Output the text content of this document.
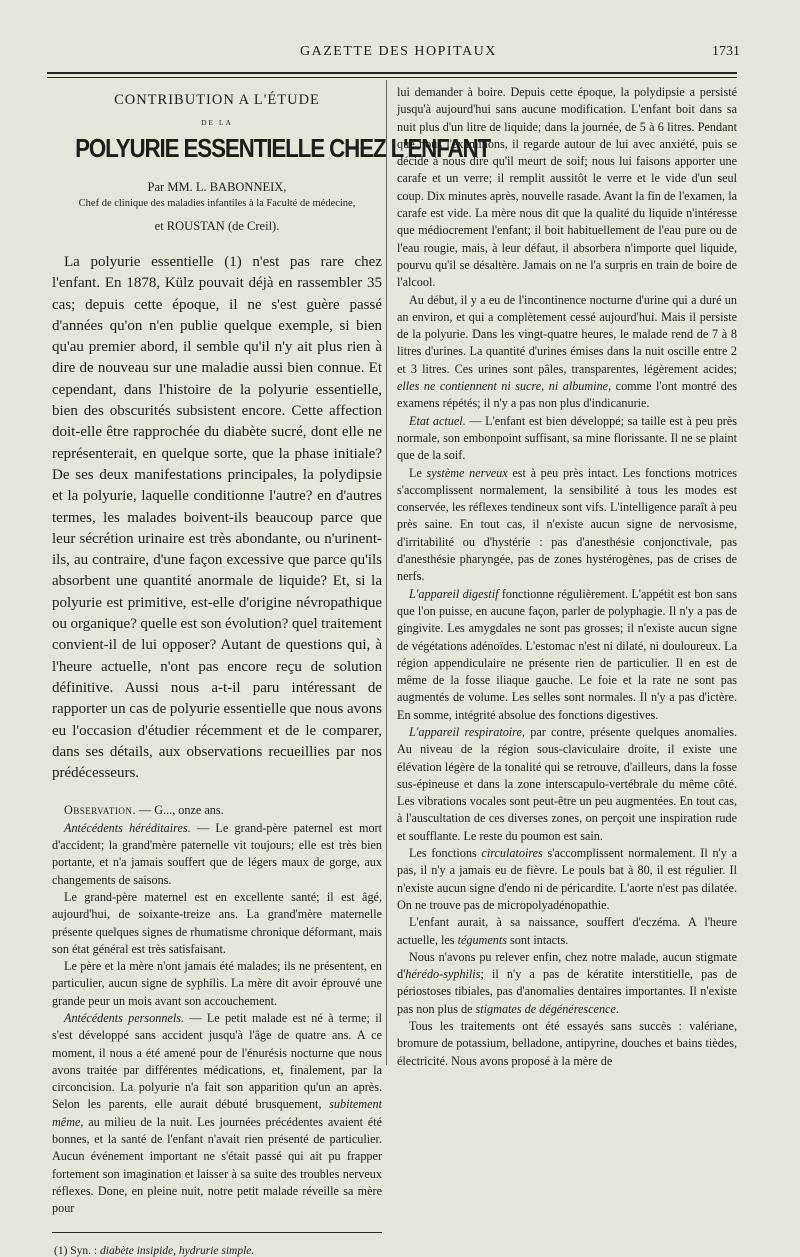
GAZETTE DES HOPITAUX	1731
CONTRIBUTION A L'ÉTUDE
DE LA
POLYURIE ESSENTIELLE CHEZ L'ENFANT
Par MM. L. BABONNEIX,
Chef de clinique des maladies infantiles à la Faculté de médecine,
et ROUSTAN (de Creil).

La polyurie essentielle (1) n'est pas rare chez l'enfant. En 1878, Külz pouvait déjà en rassembler 35 cas; depuis cette époque, il ne s'est guère passé d'années qu'on n'en publie quelque exemple, si bien qu'au premier abord, il semble qu'il n'y ait plus rien à dire de nouveau sur une maladie aussi bien connue. Et cependant, dans l'histoire de la polyurie essentielle, bien des obscurités subsistent encore. Cette affection doit-elle être rapprochée du diabète sucré, dont elle ne représenterait, en quelque sorte, que la phase initiale? De ses deux manifestations principales, la polydipsie et la polyurie, laquelle conditionne l'autre? en d'autres termes, les malades boivent-ils beaucoup parce que leur sécrétion urinaire est très abondante, ou n'urinent-ils, au contraire, d'une façon excessive que parce qu'ils absorbent une quantité anormale de liquide? Et, si la polyurie est primitive, est-elle d'origine névropathique ou organique? quelle est son évolution? quel traitement convient-il de lui opposer? Autant de questions qui, à l'heure actuelle, n'ont pas encore reçu de solution définitive. Aussi nous a-t-il paru intéressant de rapporter un cas de polyurie essentielle que nous avons eu l'occasion d'étudier récemment et de le comparer, dans ses détails, aux observations recueillies par nos prédécesseurs.

Observation. — G..., onze ans.

Antécédents héréditaires. — Le grand-père paternel est mort d'accident; la grand'mère paternelle vit toujours; elle est très bien portante, et n'a jamais souffert que de légers maux de gorge, aux changements de saisons.

Le grand-père maternel est en excellente santé; il est âgé, aujourd'hui, de soixante-treize ans. La grand'mère maternelle présente quelques signes de rhumatisme chronique déformant, mais son état général est très satisfaisant.

Le père et la mère n'ont jamais été malades; ils ne présentent, en particulier, aucun signe de syphilis. La mère dit avoir éprouvé une grande peur un mois avant son accouchement.

Antécédents personnels. — Le petit malade est né à terme; il s'est développé sans accident jusqu'à l'âge de quatre ans. A ce moment, il nous a été amené pour de l'énurésis nocturne que nous avons traitée par différentes médications, et, finalement, par la circoncision. La polyurie n'a fait son apparition qu'un an après. Selon les parents, elle aurait débuté brusquement, subitement même, au milieu de la nuit. Les journées précédentes avaient été bonnes, et la santé de l'enfant n'avait rien présenté de particulier. Aucun événement important ne s'était passé qui ait pu frapper fortement son imagination et laisser à sa suite des troubles nerveux réflexes. Done, en pleine nuit, notre petit malade réveille sa mère pour

(1) Syn. : diabète insipide, hydrurie simple.

lui demander à boire. Depuis cette époque, la polydipsie a persisté jusqu'à aujourd'hui sans aucune modification. L'enfant boit dans sa nuit plus d'un litre de liquide; dans la journée, de 5 à 6 litres. Pendant que nous l'examinons, il regarde autour de lui avec anxiété, puis se décide à nous dire qu'il meurt de soif; nous lui faisons apporter une carafe et un verre; il remplit aussitôt le verre et le vide d'un seul coup. Dix minutes après, nouvelle rasade. Avant la fin de l'examen, la carafe est vide. La mère nous dit que la qualité du liquide n'intéresse que médiocrement l'enfant; il boit habituellement de l'eau pure ou de l'eau rougie, mais, à leur défaut, il absorbera n'importe quel liquide, pourvu qu'il se désaltère. Jamais on ne l'a surpris en train de boire de l'alcool.

Au début, il y a eu de l'incontinence nocturne d'urine qui a duré un an environ, et qui a complètement cessé aujourd'hui. Mais il persiste de la polyurie. Dans les vingt-quatre heures, le malade rend de 7 à 8 litres d'urines. La quantité d'urines émises dans la nuit oscille entre 2 et 3 litres. Ces urines sont pâles, transparentes, légèrement acides; elles ne contiennent ni sucre, ni albumine, comme l'ont montré des examens répétés; il n'y a pas non plus d'indicanurie.

Etat actuel. — L'enfant est bien développé; sa taille est à peu près normale, son embonpoint suffisant, sa mine florissante. Il ne se plaint que de la soif.

Le système nerveux est à peu près intact. Les fonctions motrices s'accomplissent normalement, la sensibilité à tous les modes est conservée, les réflexes tendineux sont vifs. L'intelligence paraît à peu près saine. En tout cas, il n'existe aucun signe de nervosisme, d'irritabilité ou d'hystérie : pas d'anesthésie conjonctivale, pas d'anesthésie pharyngée, pas de zones hystérogènes, pas de crises de nerfs.

L'appareil digestif fonctionne régulièrement. L'appétit est bon sans que l'on puisse, en aucune façon, parler de polyphagie. Il n'y a pas de gingivite. Les amygdales ne sont pas grosses; il n'existe aucun signe de végétations adénoïdes. L'estomac n'est ni dilaté, ni douloureux. La région appendiculaire ne présente rien de particulier. Il en est de même de la fosse iliaque gauche. Le foie et la rate ne sont pas augmentés de volume. Les selles sont normales. Il n'y a pas d'ictère. En somme, intégrité absolue des fonctions digestives.

L'appareil respiratoire, par contre, présente quelques anomalies. Au niveau de la région sous-claviculaire droite, il existe une élévation légère de la tonalité qui se retrouve, d'ailleurs, dans la fosse sus-épineuse et dans la zone interscapulo-vertébrale du même côté. Les vibrations vocales sont peut-être un peu augmentées. En tout cas, à l'auscultation de ces diverses zones, on perçoit une inspiration rude et soufflante. Le reste du poumon est sain.

Les fonctions circulatoires s'accomplissent normalement. Il n'y a pas, il n'y a jamais eu de fièvre. Le pouls bat à 80, il est régulier. Il n'existe aucun signe d'endo ni de péricardite. L'aorte n'est pas dilatée. On ne trouve pas de micropolyadénopathie.

L'enfant aurait, à sa naissance, souffert d'eczéma. A l'heure actuelle, les téguments sont intacts.

Nous n'avons pu relever enfin, chez notre malade, aucun stigmate d'hérédo-syphilis; il n'y a pas de kératite interstitielle, pas de périostoses tibiales, pas d'anomalies dentaires importantes. Il n'existe pas non plus de stigmates de dégénérescence.

Tous les traitements ont été essayés sans succès : valériane, bromure de potassium, belladone, antipyrine, douches et bains tièdes, électricité. Nous avons proposé à la mère de
